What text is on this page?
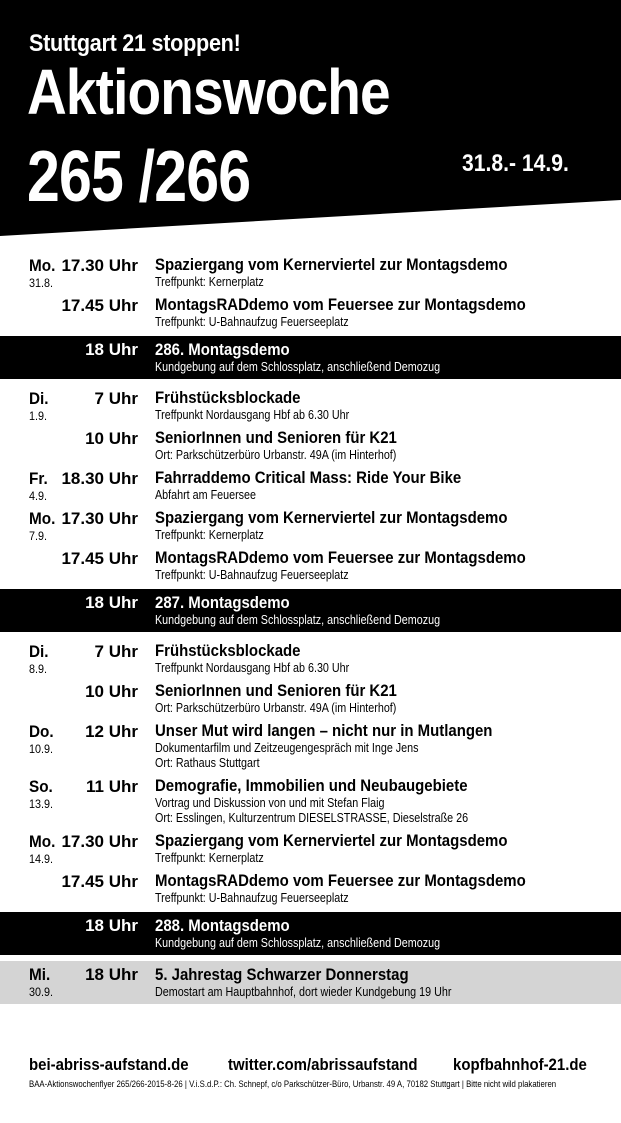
Stuttgart 21 stoppen!
Aktionswoche
265 /266	31.8.- 14.9.
Mo.
31.8.
17.30 Uhr Spaziergang vom Kernerviertel zur Montagsdemo
Treffpunkt: Kernerplatz
17.45 Uhr MontagsRADdemo vom Feuersee zur Montagsdemo
Treffpunkt: U-Bahnaufzug Feuerseeplatz
18 Uhr 286. Montagsdemo
Kundgebung auf dem Schlossplatz, anschließend Demozug
Di.
1.9.
7 Uhr Frühstücksblockade
Treffpunkt Nordausgang Hbf ab 6.30 Uhr
10 Uhr SeniorInnen und Senioren für K21
Ort: Parkschützerbüro Urbanstr. 49A (im Hinterhof)
Fr.
4.9.
18.30 Uhr Fahrraddemo Critical Mass: Ride Your Bike
Abfahrt am Feuersee
Mo.
7.9.
17.30 Uhr Spaziergang vom Kernerviertel zur Montagsdemo
Treffpunkt: Kernerplatz
17.45 Uhr MontagsRADdemo vom Feuersee zur Montagsdemo
Treffpunkt: U-Bahnaufzug Feuerseeplatz
18 Uhr 287. Montagsdemo
Kundgebung auf dem Schlossplatz, anschließend Demozug
Di.
8.9.
7 Uhr Frühstücksblockade
Treffpunkt Nordausgang Hbf ab 6.30 Uhr
10 Uhr SeniorInnen und Senioren für K21
Ort: Parkschützerbüro Urbanstr. 49A (im Hinterhof)
Do.
10.9.
12 Uhr Unser Mut wird langen – nicht nur in Mutlangen
Dokumentarfilm und Zeitzeugengespräch mit Inge Jens
Ort: Rathaus Stuttgart
So.
13.9.
11 Uhr Demografie, Immobilien und Neubaugebiete
Vortrag und Diskussion von und mit Stefan Flaig
Ort: Esslingen, Kulturzentrum DIESELSTRASSE, Dieselstraße 26
Mo.
14.9.
17.30 Uhr Spaziergang vom Kernerviertel zur Montagsdemo
Treffpunkt: Kernerplatz
17.45 Uhr MontagsRADdemo vom Feuersee zur Montagsdemo
Treffpunkt: U-Bahnaufzug Feuerseeplatz
18 Uhr 288. Montagsdemo
Kundgebung auf dem Schlossplatz, anschließend Demozug
Mi.
30.9.
18 Uhr 5. Jahrestag Schwarzer Donnerstag
Demostart am Hauptbahnhof, dort wieder Kundgebung 19 Uhr
bei-abriss-aufstand.de twitter.com/abrissaufstand kopfbahnhof-21.de
BAA-Aktionswochenflyer 265/266-2015-8-26 | V.i.S.d.P.: Ch. Schnepf, c/o Parkschützer-Büro, Urbanstr. 49 A, 70182 Stuttgart | Bitte nicht wild plakatieren
